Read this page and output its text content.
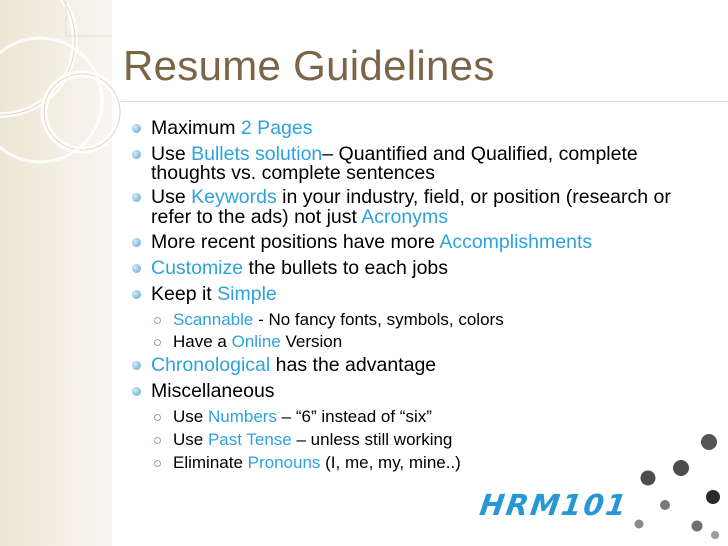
Resume Guidelines
Maximum 2 Pages
Use Bullets solution– Quantified and Qualified, complete
thoughts vs. complete sentences
Use Keywords in your industry, field, or position (research or
refer to the ads) not just Acronyms
More recent positions have more Accomplishments
Customize the bullets to each jobs
Keep it Simple
Scannable - No fancy fonts, symbols, colors
Have a Online Version
Chronological has the advantage
Miscellaneous
Use Numbers – “6” instead of “six”
Use Past Tense – unless still working
Eliminate Pronouns (I, me, my, mine..)
HRM101
